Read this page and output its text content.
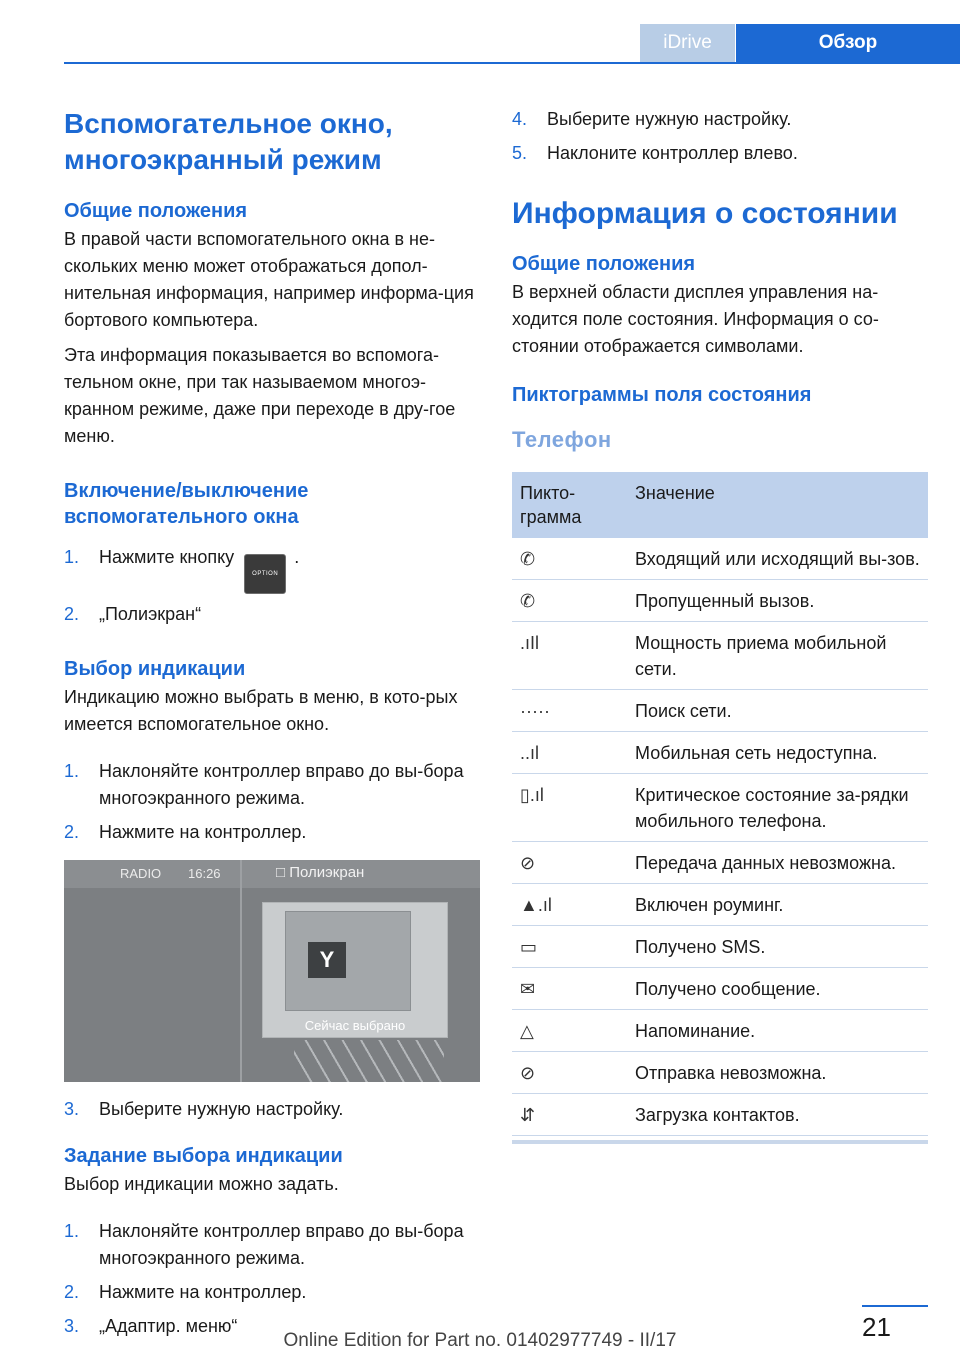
iDrive	Обзор
Вспомогательное окно, многоэкранный режим
Общие положения

В правой части вспомогательного окна в не-скольких меню может отображаться допол-нительная информация, например информа-ция бортового компьютера.

Эта информация показывается во вспомога-тельном окне, при так называемом многоэ-кранном режиме, даже при переходе в дру-гое меню.

Включение/выключение вспомогательного окна
1. Нажмите кнопкуOPTION.
2. „Полиэкран“
Выбор индикации

Индикацию можно выбрать в меню, в кото-рых имеется вспомогательное окно.

1. Наклоняйте контроллер вправо до вы-бора многоэкранного режима.
2. Нажмите на контроллер.
RADIO 16:26	□ Полиэкран
Y
Сейчас выбрано
3. Выберите нужную настройку.
Задание выбора индикации

Выбор индикации можно задать.

1. Наклоняйте контроллер вправо до вы-бора многоэкранного режима.
2. Нажмите на контроллер.
3. „Адаптир. меню“
4. Выберите нужную настройку.
5. Наклоните контроллер влево.
Информация о состоянии
Общие положения

В верхней области дисплея управления на-ходится поле состояния. Информация о со-стоянии отображается символами.

Пиктограммы поля состояния
Телефон
Пикто-грамма
Значение
✆	Входящий или исходящий вы-зов.
✆	Пропущенный вызов.
.ıIl	Мощность приема мобильной сети.
·····	Поиск сети.
..ıl	Мобильная сеть недоступна.
▯.ıl	Критическое состояние за-рядки мобильного телефона.
⊘	Передача данных невозможна.
▲.ıl	Включен роуминг.
▭	Получено SMS.
✉	Получено сообщение.
△	Напоминание.
⊘	Отправка невозможна.
⇵	Загрузка контактов.
21
Online Edition for Part no. 01402977749 - II/17
